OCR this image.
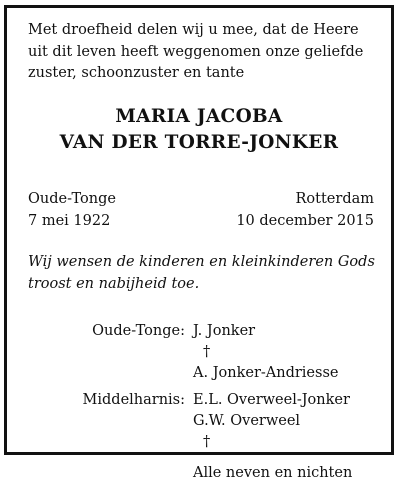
Met droefheid delen wij u mee, dat de Heere
uit dit leven heeft weggenomen onze geliefde
zuster, schoonzuster en tante

MARIA JACOBA
VAN DER TORRE-JONKER
Oude-Tonge	Rotterdam
7 mei 1922	10 december 2015
Wij wensen de kinderen en kleinkinderen Gods
troost en nabijheid toe.
Oude-Tonge: J. Jonker
†
A. Jonker-Andriesse
Middelharnis: E.L. Overweel-Jonker
G.W. Overweel
†
Alle neven en nichten
